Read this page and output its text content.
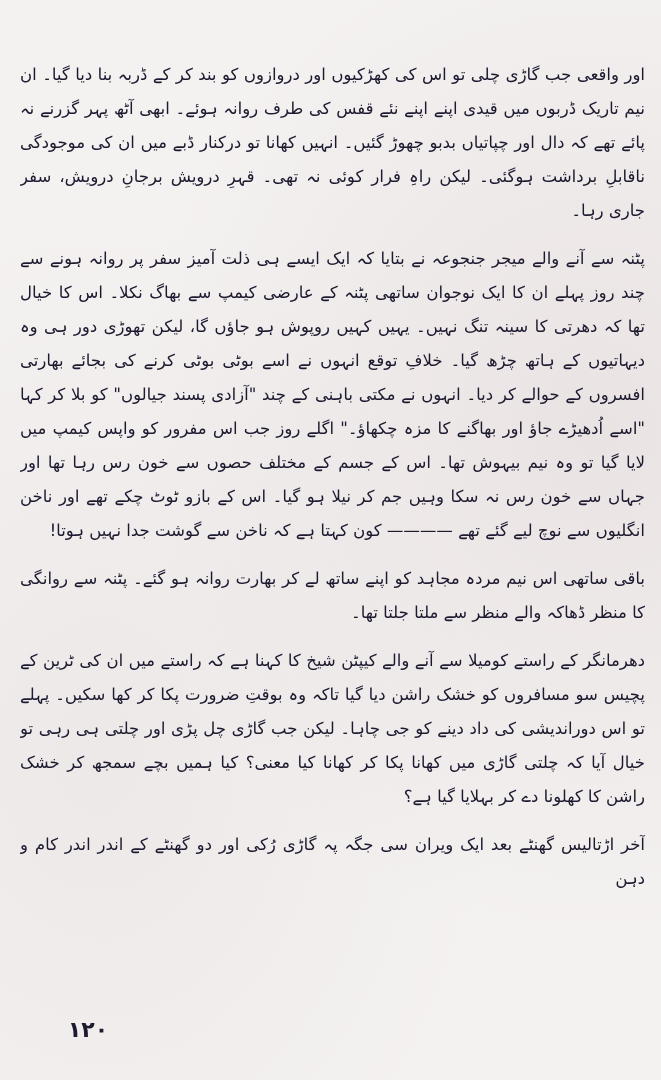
اور واقعی جب گاڑی چلی تو اس کی کھڑکیوں اور دروازوں کو بند کر کے ڈربہ بنا دیا گیا۔ ان نیم تاریک ڈربوں میں قیدی اپنے اپنے نئے قفس کی طرف روانہ ہوئے۔ ابھی آٹھ پہر گزرنے نہ پائے تھے کہ دال اور چپاتیاں بدبو چھوڑ گئیں۔ انہیں کھانا تو درکنار ڈبے میں ان کی موجودگی ناقابلِ برداشت ہوگئی۔ لیکن راہِ فرار کوئی نہ تھی۔ قہرِ درویش برجانِ درویش، سفر جاری رہا۔

پٹنہ سے آنے والے میجر جنجوعہ نے بتایا کہ ایک ایسے ہی ذلت آمیز سفر پر روانہ ہونے سے چند روز پہلے ان کا ایک نوجوان ساتھی پٹنہ کے عارضی کیمپ سے بھاگ نکلا۔ اس کا خیال تھا کہ دھرتی کا سینہ تنگ نہیں۔ یہیں کہیں روپوش ہو جاؤں گا، لیکن تھوڑی دور ہی وہ دیہاتیوں کے ہاتھ چڑھ گیا۔ خلافِ توقع انہوں نے اسے بوٹی بوٹی کرنے کی بجائے بھارتی افسروں کے حوالے کر دیا۔ انہوں نے مکتی باہنی کے چند "آزادی پسند جیالوں" کو بلا کر کہا "اسے اُدھیڑے جاؤ اور بھاگنے کا مزہ چکھاؤ۔" اگلے روز جب اس مفرور کو واپس کیمپ میں لایا گیا تو وہ نیم بیہوش تھا۔ اس کے جسم کے مختلف حصوں سے خون رس رہا تھا اور جہاں سے خون رس نہ سکا وہیں جم کر نیلا ہو گیا۔ اس کے بازو ٹوٹ چکے تھے اور ناخن انگلیوں سے نوچ لیے گئے تھے ———— کون کہتا ہے کہ ناخن سے گوشت جدا نہیں ہوتا!

باقی ساتھی اس نیم مردہ مجاہد کو اپنے ساتھ لے کر بھارت روانہ ہو گئے۔ پٹنہ سے روانگی کا منظر ڈھاکہ والے منظر سے ملتا جلتا تھا۔

دھرمانگر کے راستے کومیلا سے آنے والے کیپٹن شیخ کا کہنا ہے کہ راستے میں ان کی ٹرین کے پچیس سو مسافروں کو خشک راشن دیا گیا تاکہ وہ بوقتِ ضرورت پکا کر کھا سکیں۔ پہلے تو اس دوراندیشی کی داد دینے کو جی چاہا۔ لیکن جب گاڑی چل پڑی اور چلتی ہی رہی تو خیال آیا کہ چلتی گاڑی میں کھانا پکا کر کھانا کیا معنی؟ کیا ہمیں بچے سمجھ کر خشک راشن کا کھلونا دے کر بہلایا گیا ہے؟

آخر اڑتالیس گھنٹے بعد ایک ویران سی جگہ پہ گاڑی رُکی اور دو گھنٹے کے اندر اندر کام و دہن

۱۲۰
